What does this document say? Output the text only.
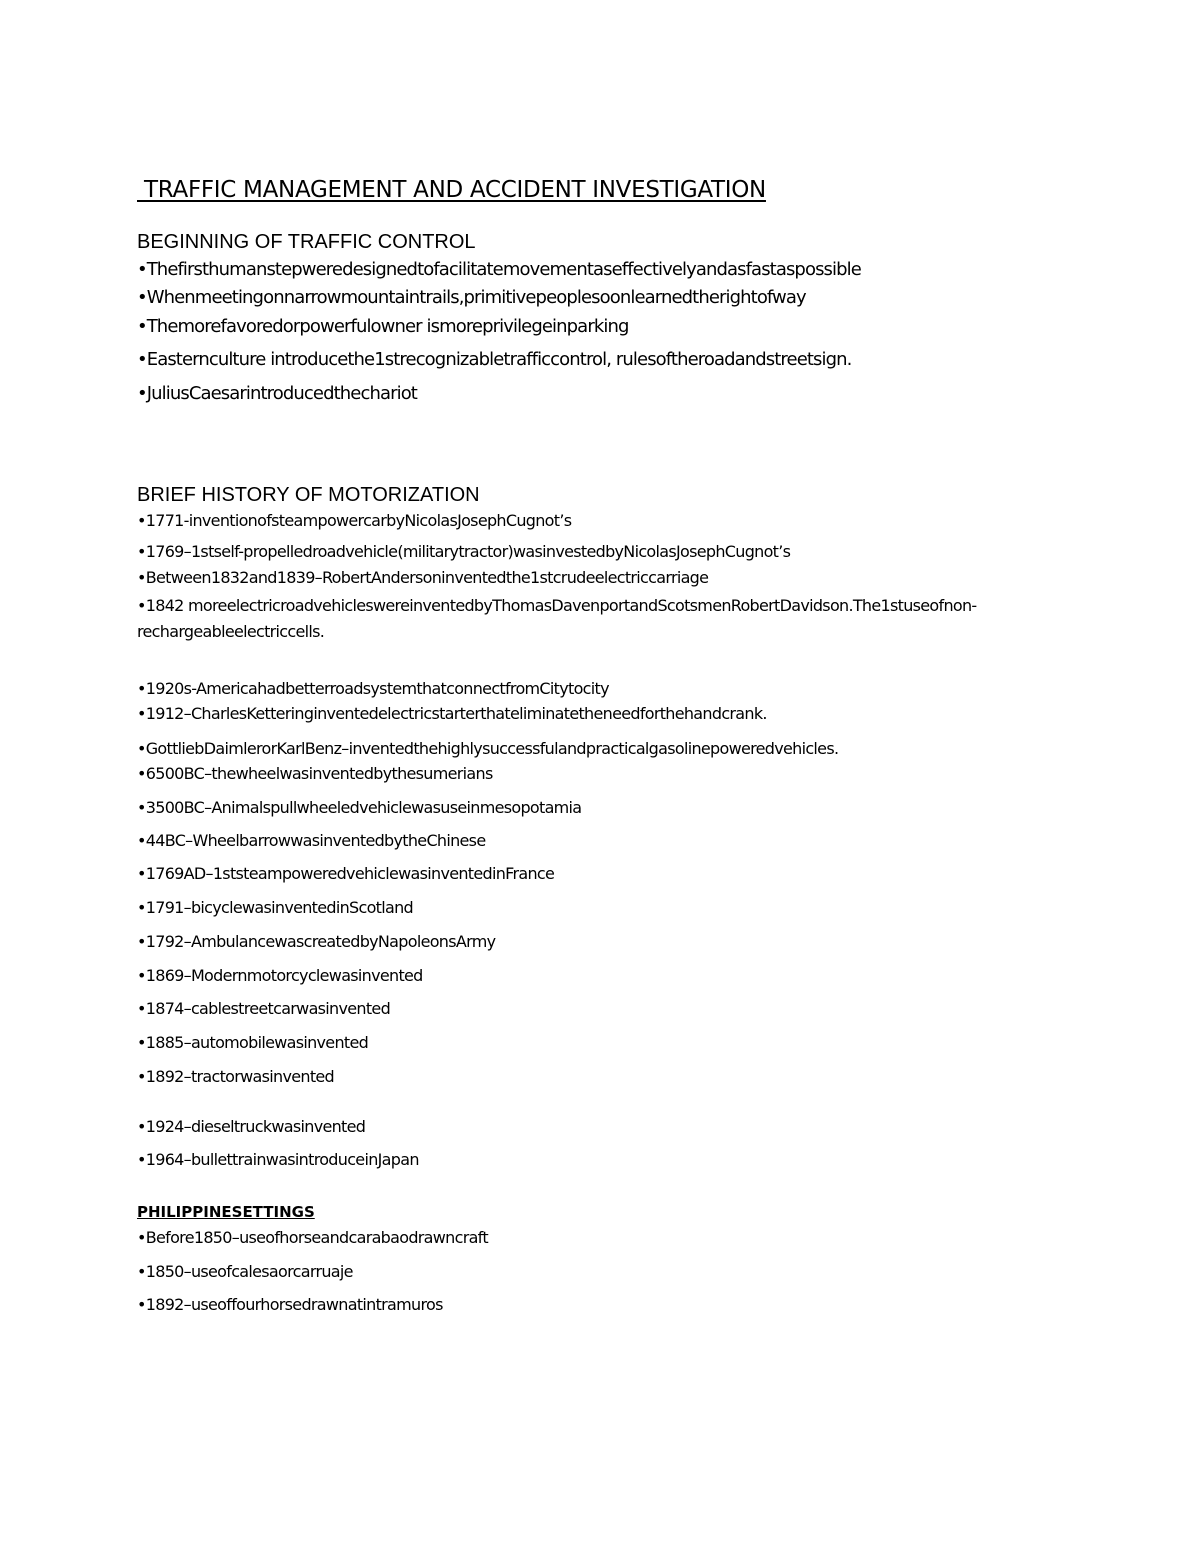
TRAFFIC MANAGEMENT AND ACCIDENT INVESTIGATION
BEGINNING OF TRAFFIC CONTROL
•Thefirsthumanstepweredesignedtofacilitatemovementaseffectivelyandasfastaspossible
•Whenmeetingonnarrowmountaintrails,primitivepeoplesoonlearnedtherightofway
•Themorefavoredorpowerfulowner ismoreprivilegeinparking
•Easternculture introducethe1strecognizabletrafficcontrol, rulesoftheroadandstreetsign.
•JuliusCaesarintroducedthechariot
BRIEF HISTORY OF MOTORIZATION
•1771-inventionofsteampowercarbyNicolasJosephCugnot’s
•1769–1stself-propelledroadvehicle(militarytractor)wasinvestedbyNicolasJosephCugnot’s
•Between1832and1839–RobertAndersoninventedthe1stcrudeelectriccarriage
•1842 moreelectricroadvehicleswereinventedbyThomasDavenportandScotsmenRobertDavidson.The1stuseofnon-rechargeableelectriccells.
•1920s-AmericahadbetterroadsystemthatconnectfromCitytocity
•1912–CharlesKetteringinventedelectricstarterthateliminatetheneedforthehandcrank.
•GottliebDaimlerorKarlBenz–inventedthehighlysuccessfulandpracticalgasolinepoweredvehicles.
•6500BC–thewheelwasinventedbythesumerians
•3500BC–Animalspullwheeledvehiclewasuseinmesopotamia
•44BC–WheelbarrowwasinventedbytheChinese
•1769AD–1ststeampoweredvehiclewasinventedinFrance
•1791–bicyclewasinventedinScotland
•1792–AmbulancewascreatedbyNapoleonsArmy
•1869–Modernmotorcyclewasinvented
•1874–cablestreetcarwasinvented
•1885–automobilewasinvented
•1892–tractorwasinvented
•1924–dieseltruckwasinvented
•1964–bullettrainwasintroduceinJapan
PHILIPPINESETTINGS
•Before1850–useofhorseandcarabaodrawncraft
•1850–useofcalesaorcarruaje
•1892–useoffourhorsedrawnatintramuros
